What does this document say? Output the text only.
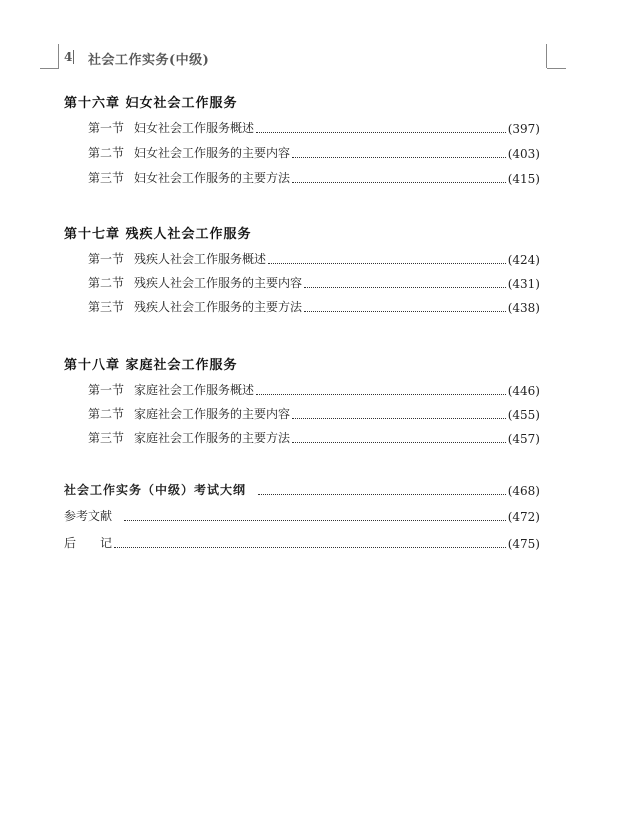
4 社会工作实务(中级)
第十六章 妇女社会工作服务
第一节 妇女社会工作服务概述	(397)
第二节 妇女社会工作服务的主要内容	(403)
第三节 妇女社会工作服务的主要方法	(415)
第十七章 残疾人社会工作服务
第一节 残疾人社会工作服务概述	(424)
第二节 残疾人社会工作服务的主要内容	(431)
第三节 残疾人社会工作服务的主要方法	(438)
第十八章 家庭社会工作服务
第一节 家庭社会工作服务概述	(446)
第二节 家庭社会工作服务的主要内容	(455)
第三节 家庭社会工作服务的主要方法	(457)
社会工作实务（中级）考试大纲	(468)
参考文献	(472)
后　　记	(475)
